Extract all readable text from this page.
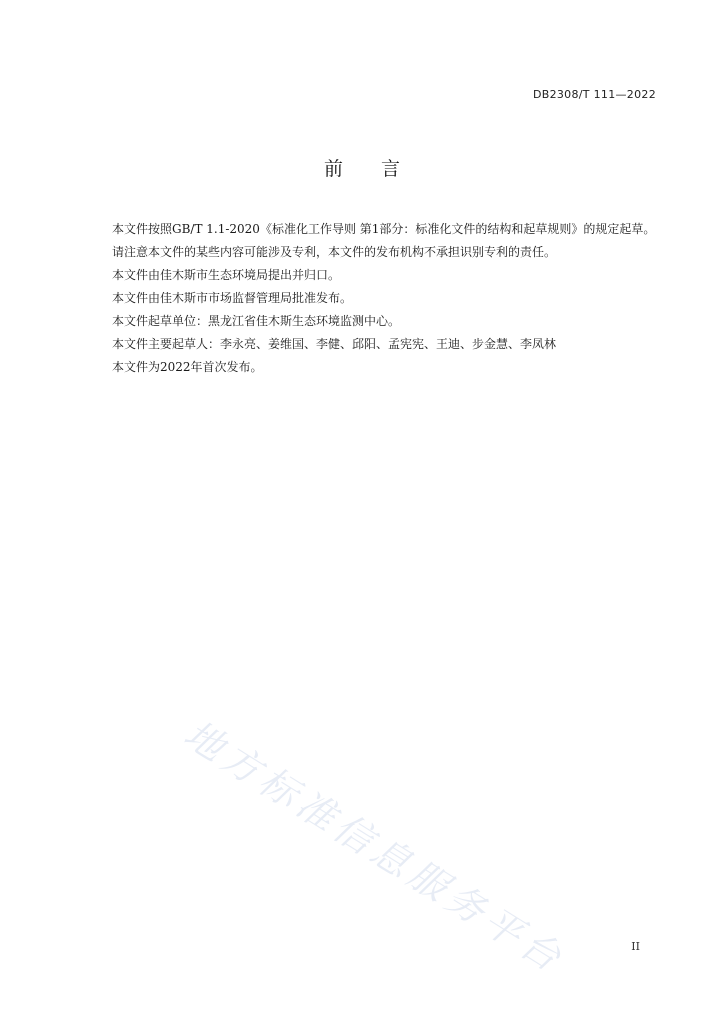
DB2308/T 111—2022
前言

本文件按照GB/T 1.1-2020《标准化工作导则 第1部分：标准化文件的结构和起草规则》的规定起草。

请注意本文件的某些内容可能涉及专利，本文件的发布机构不承担识别专利的责任。

本文件由佳木斯市生态环境局提出并归口。

本文件由佳木斯市市场监督管理局批准发布。

本文件起草单位：黑龙江省佳木斯生态环境监测中心。

本文件主要起草人：李永亮、姜维国、李健、邱阳、孟宪宪、王迪、步金慧、李凤林

本文件为2022年首次发布。

地方标准信息服务平台	II
